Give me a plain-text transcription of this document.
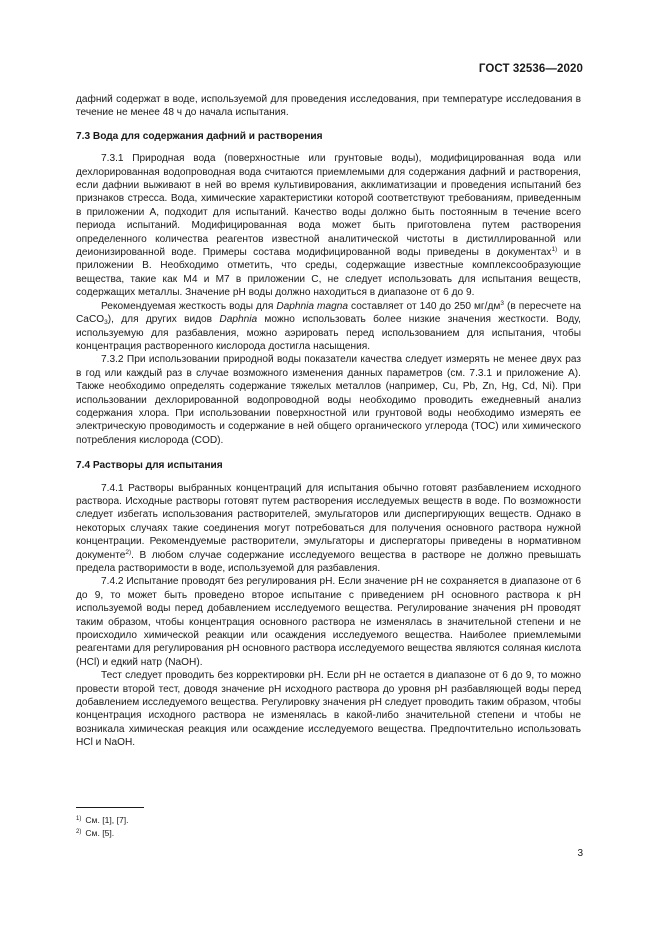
ГОСТ 32536—2020

дафний содержат в воде, используемой для проведения исследования, при температуре исследования в течение не менее 48 ч до начала испытания.

7.3 Вода для содержания дафний и растворения

7.3.1 Природная вода (поверхностные или грунтовые воды), модифицированная вода или дехлорированная водопроводная вода считаются приемлемыми для содержания дафний и растворения, если дафнии выживают в ней во время культивирования, акклиматизации и проведения испытаний без признаков стресса. Вода, химические характеристики которой соответствуют требованиям, приведенным в приложении А, подходит для испытаний. Качество воды должно быть постоянным в течение всего периода испытаний. Модифицированная вода может быть приготовлена путем растворения определенного количества реагентов известной аналитической чистоты в дистиллированной или деионизированной воде. Примеры состава модифицированной воды приведены в документах$^{1)}$ и в приложении В. Необходимо отметить, что среды, содержащие известные комплексообразующие вещества, такие как М4 и М7 в приложении С, не следует использовать для испытания веществ, содержащих металлы. Значение pH воды должно находиться в диапазоне от 6 до 9.

Рекомендуемая жесткость воды для Daphnia magna составляет от 140 до 250 $мг/дм^3$ (в пересчете на CaCO$_3$), для других видов Daphnia можно использовать более низкие значения жесткости. Воду, используемую для разбавления, можно аэрировать перед использованием для испытания, чтобы концентрация растворенного кислорода достигла насыщения.

7.3.2 При использовании природной воды показатели качества следует измерять не менее двух раз в год или каждый раз в случае возможного изменения данных параметров (см. 7.3.1 и приложение А). Также необходимо определять содержание тяжелых металлов (например, Cu, Pb, Zn, Hg, Cd, Ni). При использовании дехлорированной водопроводной воды необходимо проводить ежедневный анализ содержания хлора. При использовании поверхностной или грунтовой воды необходимо измерять ее электрическую проводимость и содержание в ней общего органического углерода (ТОС) или химического потребления кислорода (COD).

7.4 Растворы для испытания

7.4.1 Растворы выбранных концентраций для испытания обычно готовят разбавлением исходного раствора. Исходные растворы готовят путем растворения исследуемых веществ в воде. По возможности следует избегать использования растворителей, эмульгаторов или диспергирующих веществ. Однако в некоторых случаях такие соединения могут потребоваться для получения основного раствора нужной концентрации. Рекомендуемые растворители, эмульгаторы и диспергаторы приведены в нормативном документе$^{2)}$. В любом случае содержание исследуемого вещества в растворе не должно превышать предела растворимости в воде, используемой для разбавления.

7.4.2 Испытание проводят без регулирования pH. Если значение pH не сохраняется в диапазоне от 6 до 9, то может быть проведено второе испытание с приведением pH основного раствора к pH используемой воды перед добавлением исследуемого вещества. Регулирование значения pH проводят таким образом, чтобы концентрация основного раствора не изменялась в значительной степени и не происходило химической реакции или осаждения исследуемого вещества. Наиболее приемлемыми реагентами для регулирования pH основного раствора исследуемого вещества являются соляная кислота (HCl) и едкий натр (NaOH).

Тест следует проводить без корректировки pH. Если pH не остается в диапазоне от 6 до 9, то можно провести второй тест, доводя значение pH исходного раствора до уровня pH разбавляющей воды перед добавлением исследуемого вещества. Регулировку значения pH следует проводить таким образом, чтобы концентрация исходного раствора не изменялась в какой-либо значительной степени и чтобы не возникала химическая реакция или осаждение исследуемого вещества. Предпочтительно использовать HCl и NaOH.

$^{1)}$ См. [1], [7].
$^{2)}$ См. [5].
3
